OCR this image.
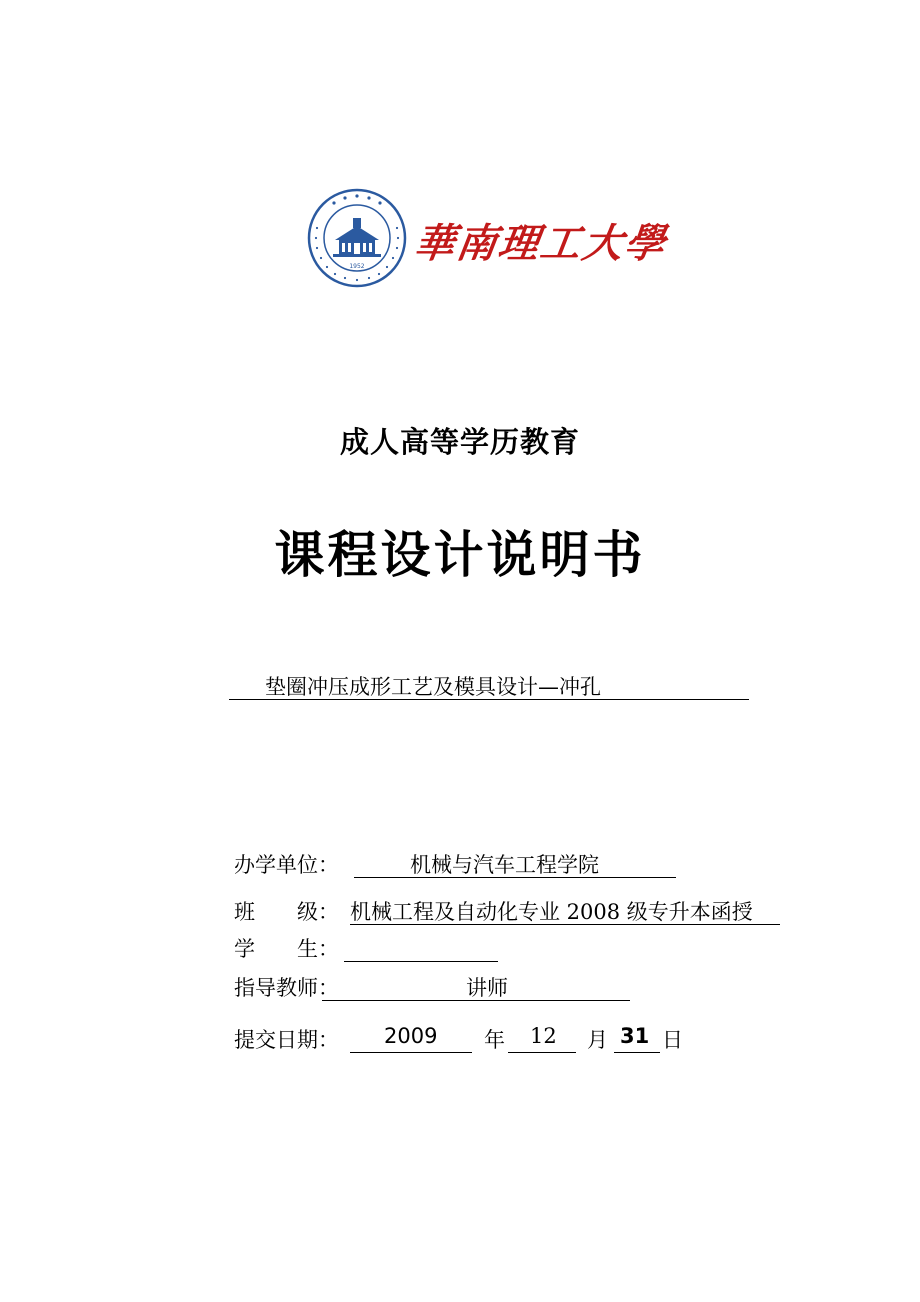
1952 華南理工大學
成人高等学历教育
课程设计说明书
垫圈冲压成形工艺及模具设计—冲孔
办学单位：	机械与汽车工程学院
班　　级： 机械工程及自动化专业 2008 级专升本函授
学　　生：
指导教师：	讲师
提交日期： 2009 年 12 月 31 日
